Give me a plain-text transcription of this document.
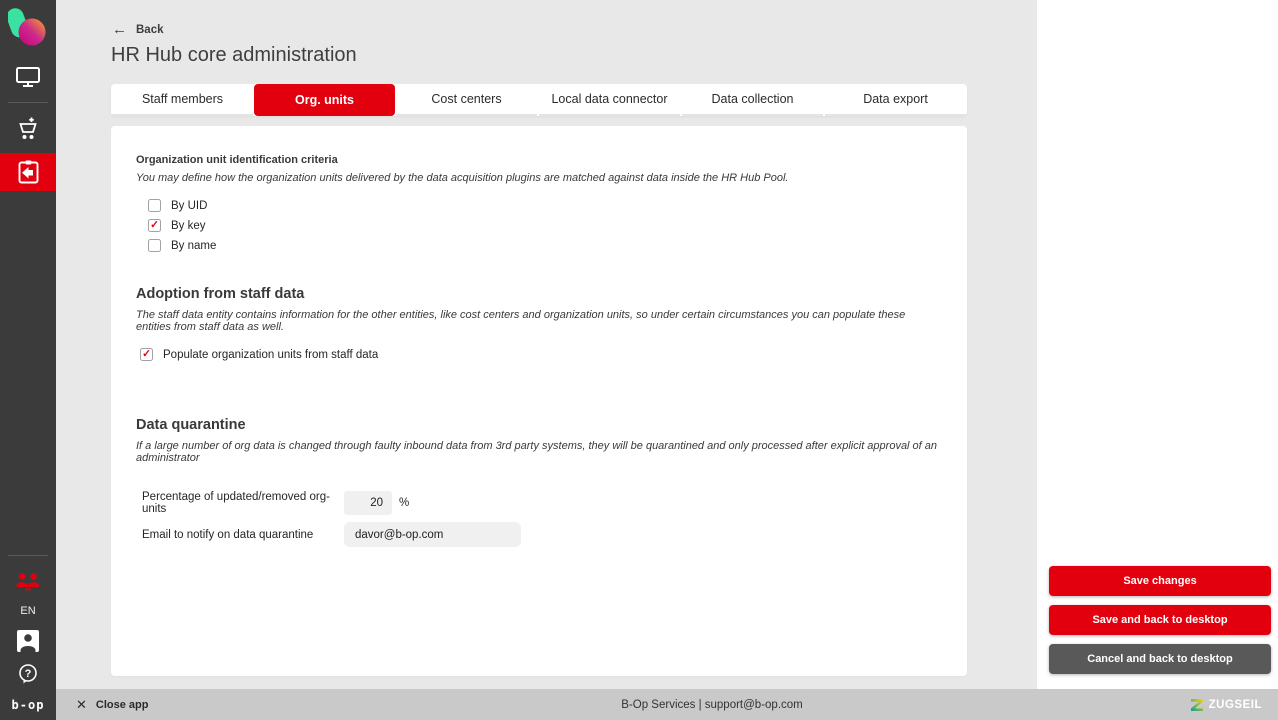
EN
?
b-op
← Back
HR Hub core administration
Staff members	Org. units	Cost centers	Local data connector	Data collection	Data export
Organization unit identification criteria
You may define how the organization units delivered by the data acquisition plugins are matched against data inside the HR Hub Pool.
By UID
✓
By key
By name
Adoption from staff data
The staff data entity contains information for the other entities, like cost centers and organization units, so under certain circumstances you can populate these entities from staff data as well.
✓
Populate organization units from staff data
Data quarantine
If a large number of org data is changed through faulty inbound data from 3rd party systems, they will be quarantined and only processed after explicit approval of an administrator
Percentage of updated/removed org-units
20	%
Email to notify on data quarantine
davor@b-op.com
Save changes
Save and back to desktop
Cancel and back to desktop
✕ Close app	B-Op Services | support@b-op.com	ZUGSEIL
